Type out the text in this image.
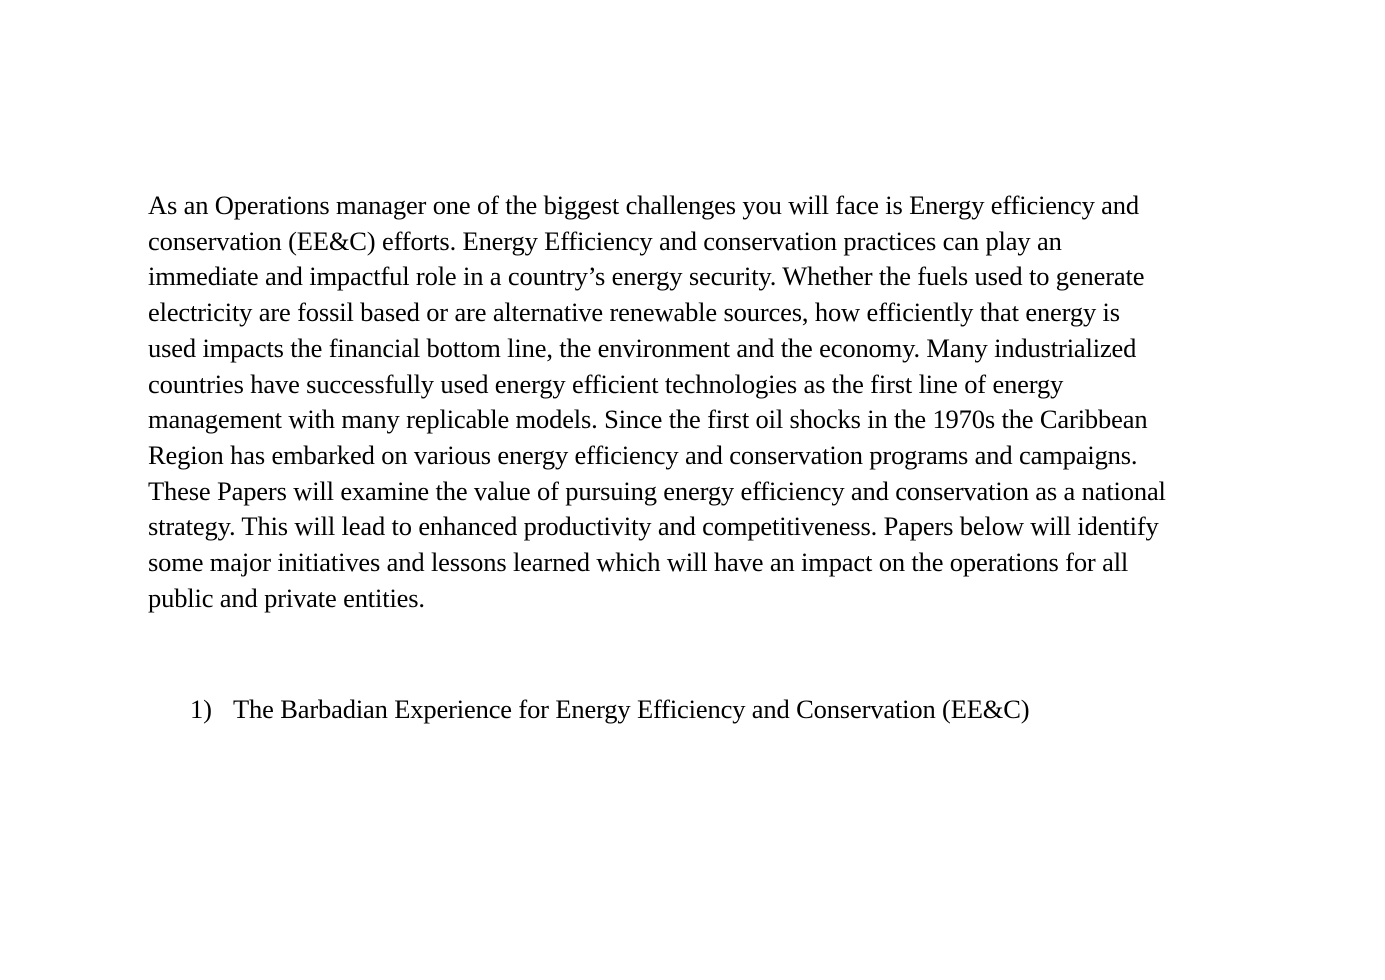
As an Operations manager one of the biggest challenges you will face is Energy efficiency and
conservation (EE&C) efforts. Energy Efficiency and conservation practices can play an
immediate and impactful role in a country’s energy security. Whether the fuels used to generate
electricity are fossil based or are alternative renewable sources, how efficiently that energy is
used impacts the financial bottom line, the environment and the economy. Many industrialized
countries have successfully used energy efficient technologies as the first line of energy
management with many replicable models. Since the first oil shocks in the 1970s the Caribbean
Region has embarked on various energy efficiency and conservation programs and campaigns.
These Papers will examine the value of pursuing energy efficiency and conservation as a national
strategy. This will lead to enhanced productivity and competitiveness. Papers below will identify
some major initiatives and lessons learned which will have an impact on the operations for all
public and private entities.

1) The Barbadian Experience for Energy Efficiency and Conservation (EE&C)
